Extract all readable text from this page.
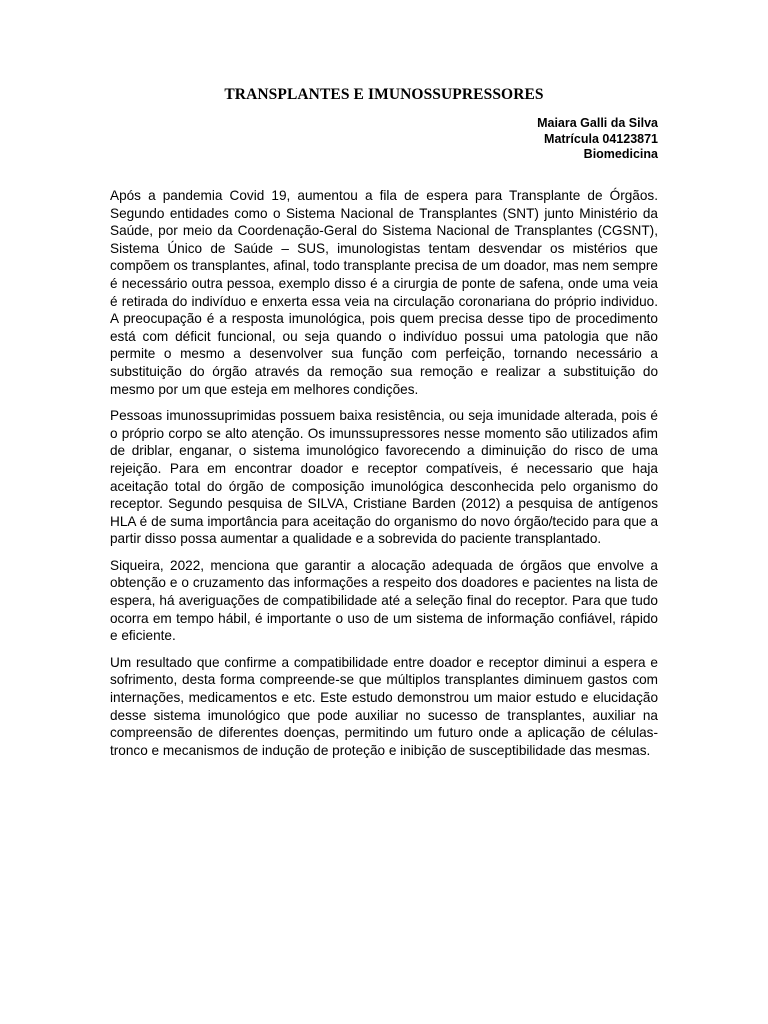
TRANSPLANTES E IMUNOSSUPRESSORES
Maiara Galli da Silva
Matrícula 04123871
Biomedicina

Após a pandemia Covid 19, aumentou a fila de espera para Transplante de Órgãos. Segundo entidades como o Sistema Nacional de Transplantes (SNT) junto Ministério da Saúde, por meio da Coordenação-Geral do Sistema Nacional de Transplantes (CGSNT), Sistema Único de Saúde – SUS, imunologistas tentam desvendar os mistérios que compõem os transplantes, afinal, todo transplante precisa de um doador, mas nem sempre é necessário outra pessoa, exemplo disso é a cirurgia de ponte de safena, onde uma veia é retirada do indivíduo e enxerta essa veia na circulação coronariana do próprio individuo. A preocupação é a resposta imunológica, pois quem precisa desse tipo de procedimento está com déficit funcional, ou seja quando o indivíduo possui uma patologia que não permite o mesmo a desenvolver sua função com perfeição, tornando necessário a substituição do órgão através da remoção sua remoção e realizar a substituição do mesmo por um que esteja em melhores condições.

Pessoas imunossuprimidas possuem baixa resistência, ou seja imunidade alterada, pois é o próprio corpo se alto atenção. Os imunssupressores nesse momento são utilizados afim de driblar, enganar, o sistema imunológico favorecendo a diminuição do risco de uma rejeição. Para em encontrar doador e receptor compatíveis, é necessario que haja aceitação total do órgão de composição imunológica desconhecida pelo organismo do receptor. Segundo pesquisa de SILVA, Cristiane Barden (2012) a pesquisa de antígenos HLA é de suma importância para aceitação do organismo do novo órgão/tecido para que a partir disso possa aumentar a qualidade e a sobrevida do paciente transplantado.

Siqueira, 2022, menciona que garantir a alocação adequada de órgãos que envolve a obtenção e o cruzamento das informações a respeito dos doadores e pacientes na lista de espera, há averiguações de compatibilidade até a seleção final do receptor. Para que tudo ocorra em tempo hábil, é importante o uso de um sistema de informação confiável, rápido e eficiente.

Um resultado que confirme a compatibilidade entre doador e receptor diminui a espera e sofrimento, desta forma compreende-se que múltiplos transplantes diminuem gastos com internações, medicamentos e etc. Este estudo demonstrou um maior estudo e elucidação desse sistema imunológico que pode auxiliar no sucesso de transplantes, auxiliar na compreensão de diferentes doenças, permitindo um futuro onde a aplicação de células-tronco e mecanismos de indução de proteção e inibição de susceptibilidade das mesmas.
